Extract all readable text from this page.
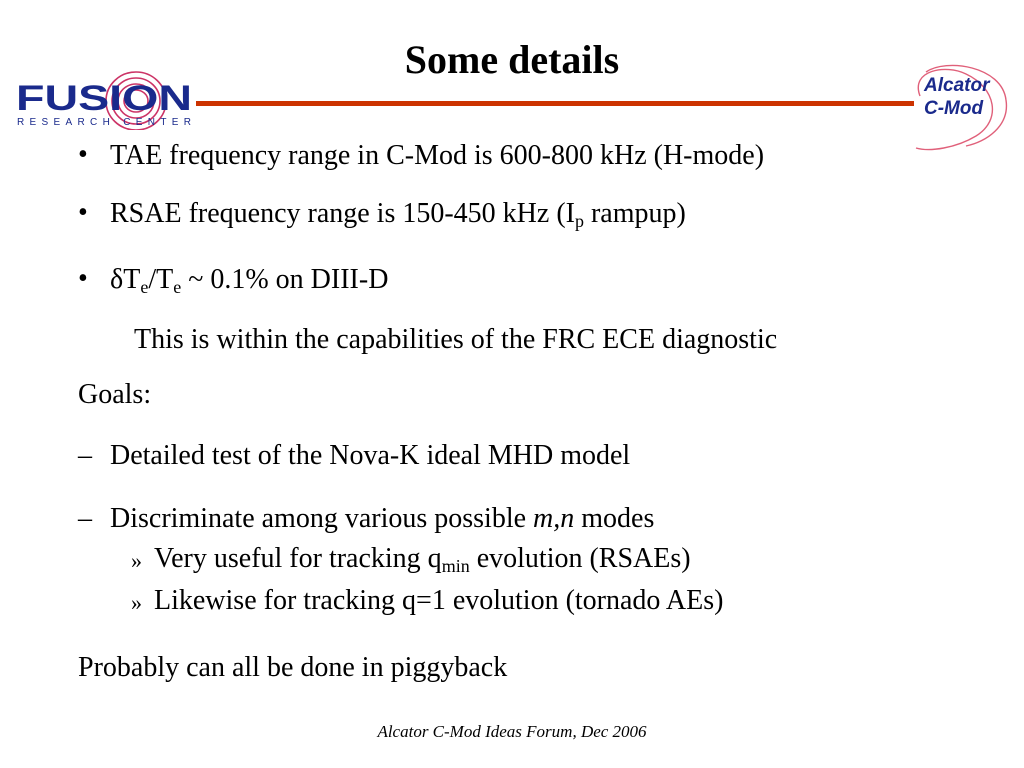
Some details
FUSION
RESEARCH CENTER
Alcator
C-Mod
• TAE frequency range in C-Mod is 600-800 kHz (H-mode)
• RSAE frequency range is 150-450 kHz ($I_p$ rampup)
• $\delta T_e/T_e$ ~ 0.1% on DIII-D
This is within the capabilities of the FRC ECE diagnostic
Goals:
– Detailed test of the Nova-K ideal MHD model
– Discriminate among various possible m,n modes
» Very useful for tracking $q_{min}$ evolution (RSAEs)
» Likewise for tracking q=1 evolution (tornado AEs)
Probably can all be done in piggyback
Alcator C-Mod Ideas Forum, Dec 2006
